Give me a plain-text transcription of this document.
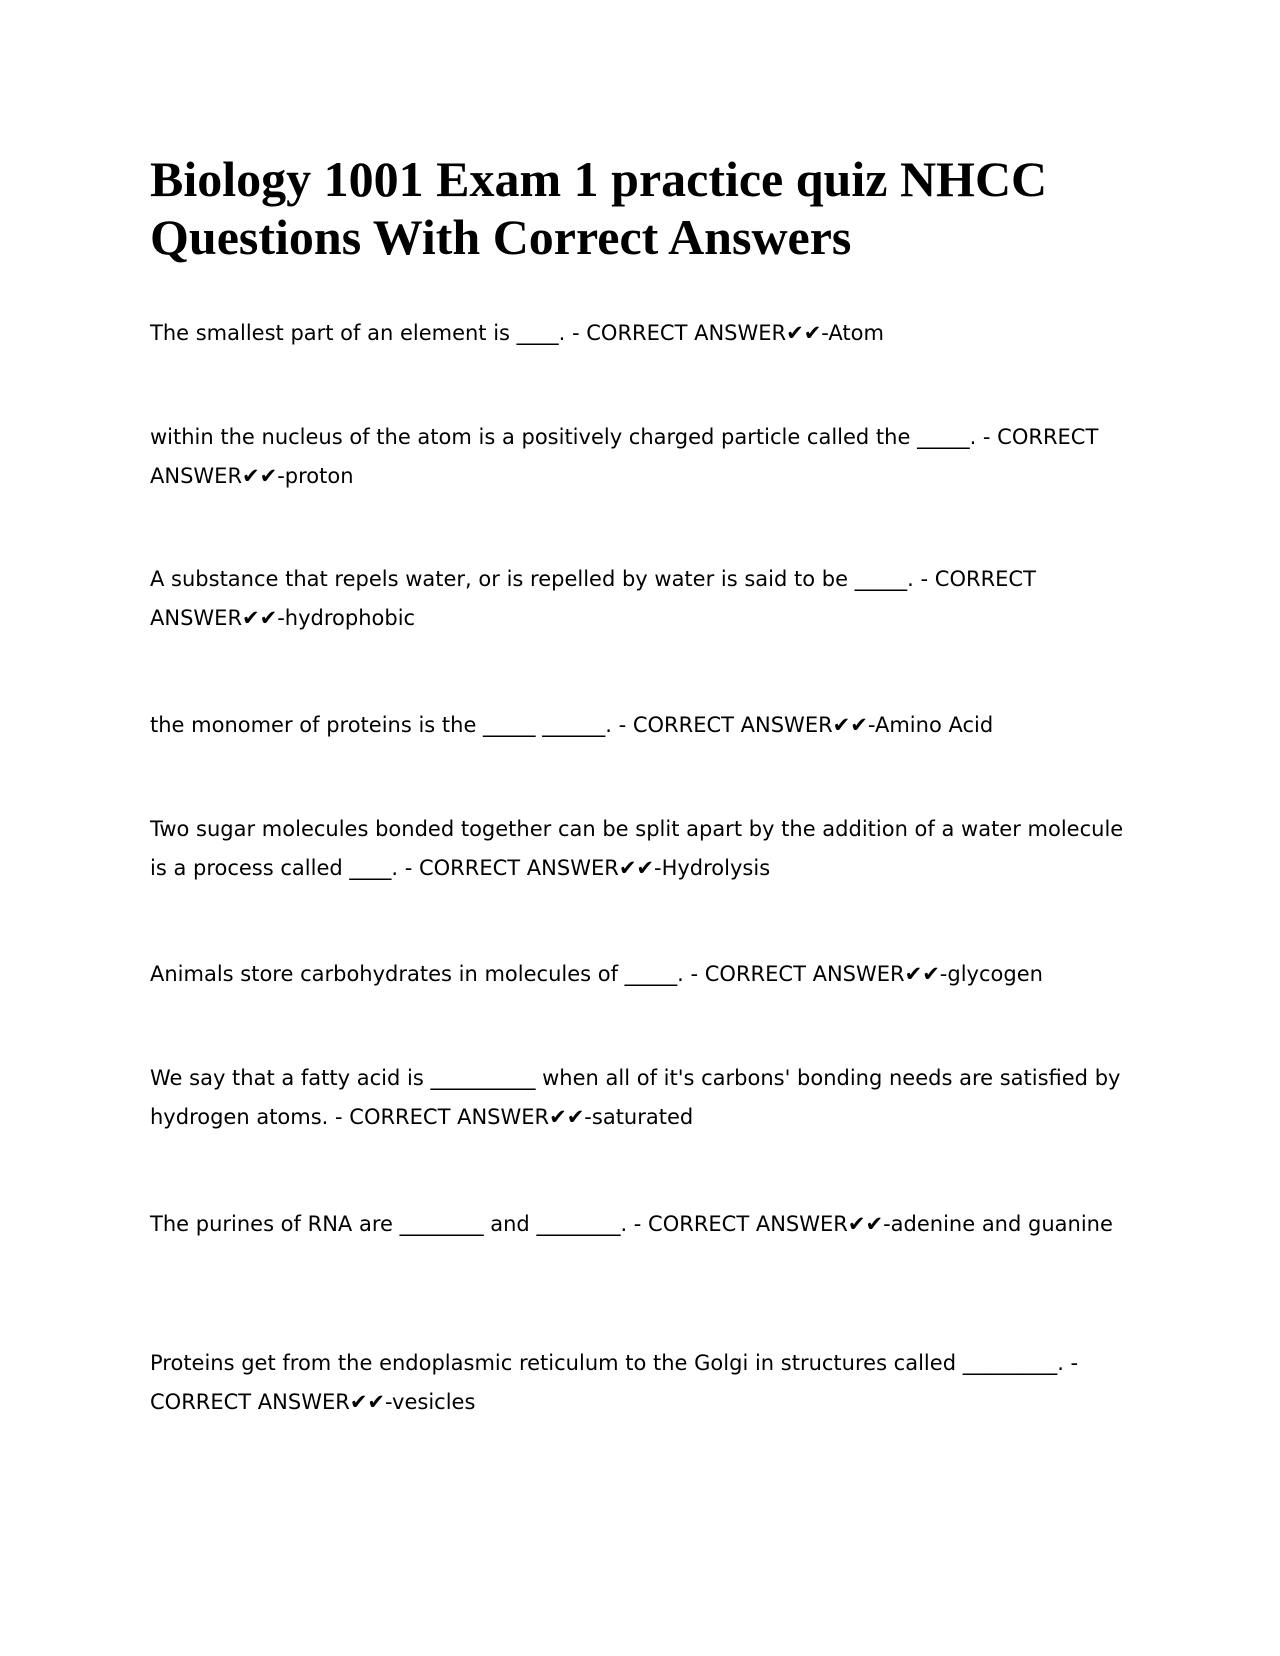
Biology 1001 Exam 1 practice quiz NHCC Questions With Correct Answers

The smallest part of an element is ____. - CORRECT ANSWER✔✔-Atom

within the nucleus of the atom is a positively charged particle called the _____. - CORRECT ANSWER✔✔-proton

A substance that repels water, or is repelled by water is said to be _____. - CORRECT ANSWER✔✔-hydrophobic

the monomer of proteins is the _____ ______. - CORRECT ANSWER✔✔-Amino Acid

Two sugar molecules bonded together can be split apart by the addition of a water molecule is a process called ____. - CORRECT ANSWER✔✔-Hydrolysis

Animals store carbohydrates in molecules of _____. - CORRECT ANSWER✔✔-glycogen

We say that a fatty acid is __________ when all of it's carbons' bonding needs are satisfied by hydrogen atoms. - CORRECT ANSWER✔✔-saturated

The purines of RNA are ________ and ________. - CORRECT ANSWER✔✔-adenine and guanine

Proteins get from the endoplasmic reticulum to the Golgi in structures called _________. - CORRECT ANSWER✔✔-vesicles
